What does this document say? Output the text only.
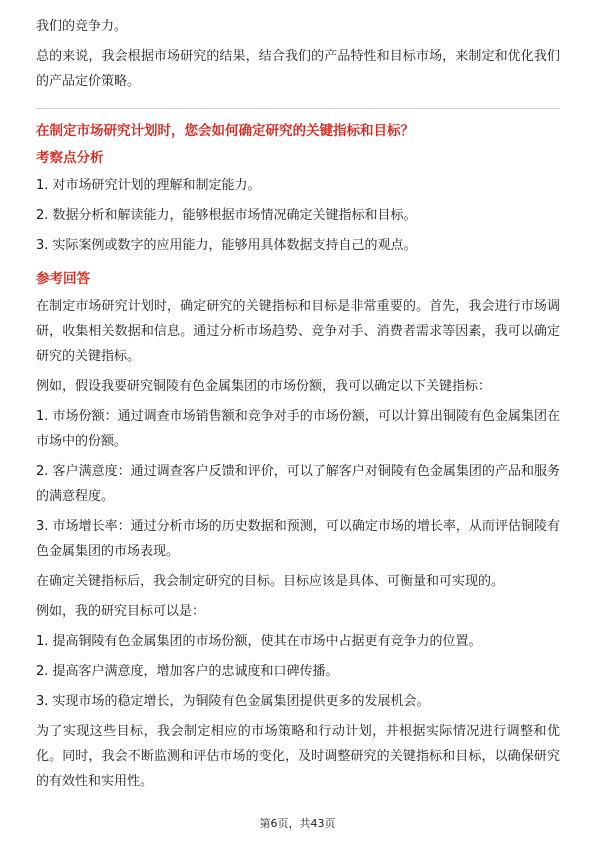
我们的竞争力。

总的来说，我会根据市场研究的结果，结合我们的产品特性和目标市场，来制定和优化我们的产品定价策略。

在制定市场研究计划时，您会如何确定研究的关键指标和目标？
考察点分析

1. 对市场研究计划的理解和制定能力。

2. 数据分析和解读能力，能够根据市场情况确定关键指标和目标。

3. 实际案例或数字的应用能力，能够用具体数据支持自己的观点。

参考回答

在制定市场研究计划时，确定研究的关键指标和目标是非常重要的。首先，我会进行市场调研，收集相关数据和信息。通过分析市场趋势、竞争对手、消费者需求等因素，我可以确定研究的关键指标。

例如，假设我要研究铜陵有色金属集团的市场份额，我可以确定以下关键指标：

1. 市场份额：通过调查市场销售额和竞争对手的市场份额，可以计算出铜陵有色金属集团在市场中的份额。

2. 客户满意度：通过调查客户反馈和评价，可以了解客户对铜陵有色金属集团的产品和服务的满意程度。

3. 市场增长率：通过分析市场的历史数据和预测，可以确定市场的增长率，从而评估铜陵有色金属集团的市场表现。

在确定关键指标后，我会制定研究的目标。目标应该是具体、可衡量和可实现的。

例如，我的研究目标可以是：

1. 提高铜陵有色金属集团的市场份额，使其在市场中占据更有竞争力的位置。

2. 提高客户满意度，增加客户的忠诚度和口碑传播。

3. 实现市场的稳定增长，为铜陵有色金属集团提供更多的发展机会。

为了实现这些目标，我会制定相应的市场策略和行动计划，并根据实际情况进行调整和优化。同时，我会不断监测和评估市场的变化，及时调整研究的关键指标和目标，以确保研究的有效性和实用性。

第6页，共43页
